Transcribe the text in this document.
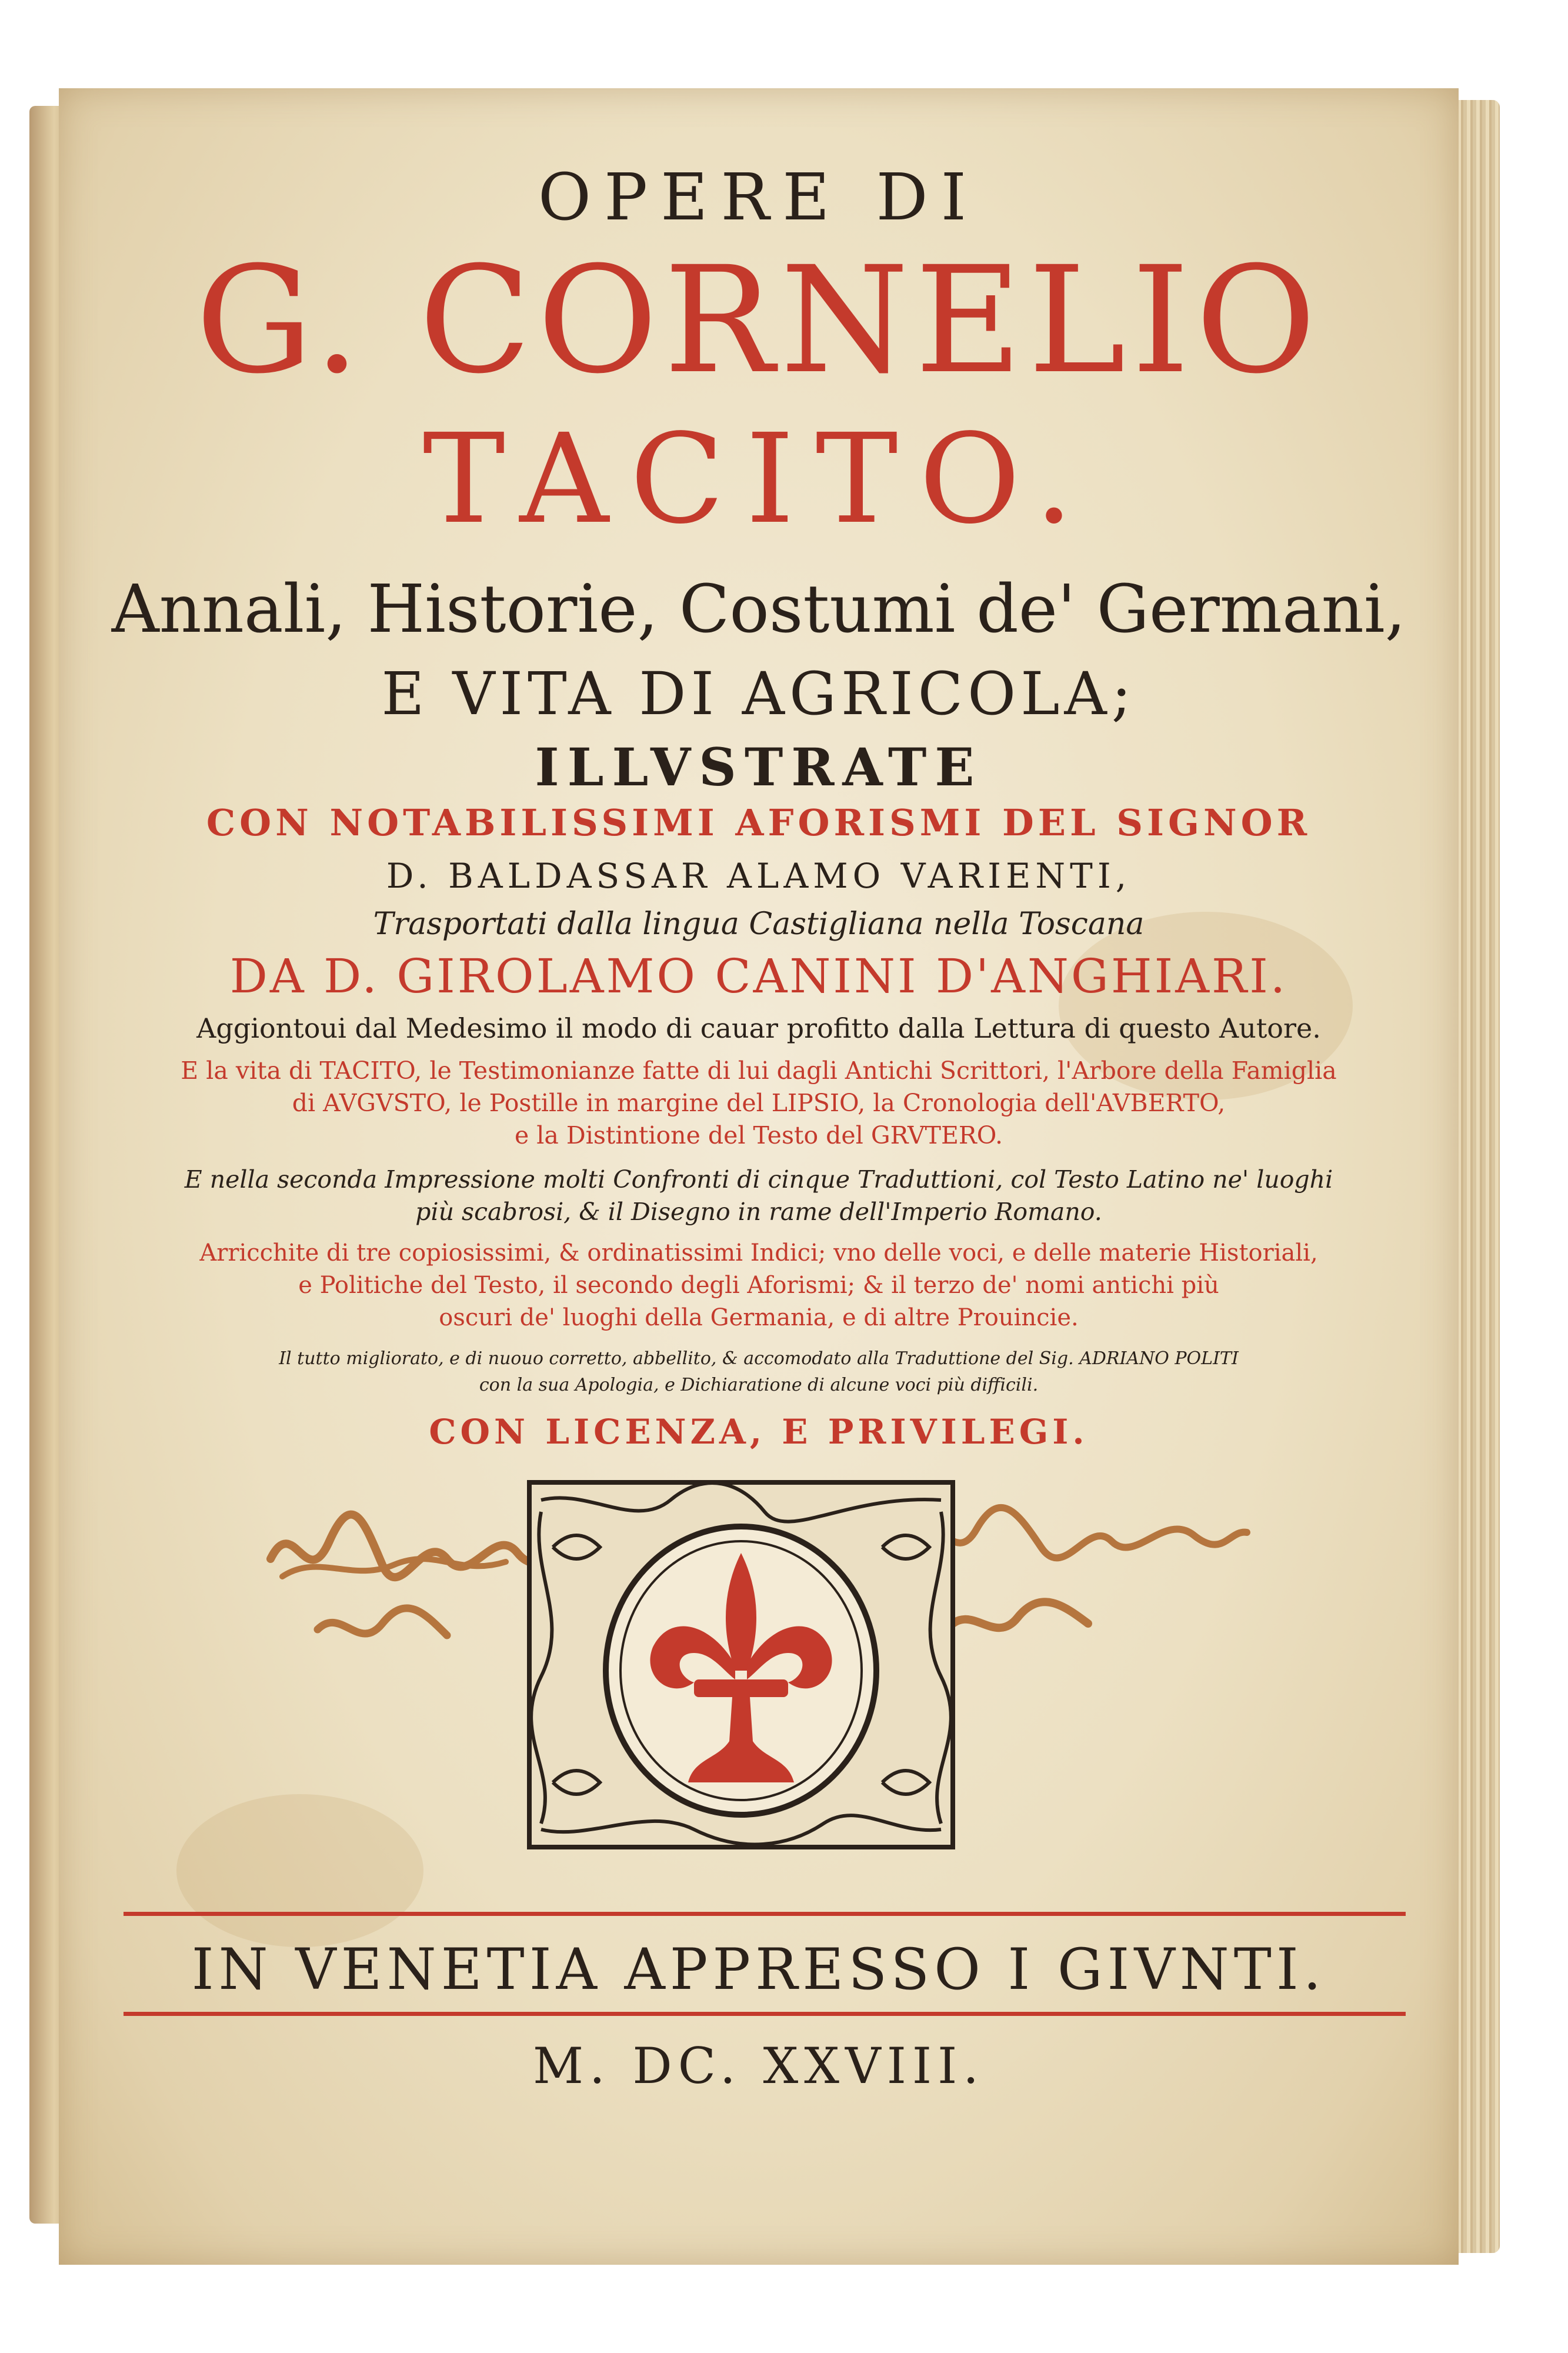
OPERE DI
G. CORNELIO
TACITO.
Annali, Historie, Costumi de' Germani,
E VITA DI AGRICOLA;
ILLVSTRATE
CON NOTABILISSIMI AFORISMI DEL SIGNOR
D. BALDASSAR ALAMO VARIENTI,
Trasportati dalla lingua Castigliana nella Toscana
DA D. GIROLAMO CANINI D'ANGHIARI.
Aggiontoui dal Medesimo il modo di cauar profitto dalla Lettura di questo Autore.
E la vita di TACITO, le Testimonianze fatte di lui dagli Antichi Scrittori, l'Arbore della Famiglia
di AVGVSTO, le Postille in margine del LIPSIO, la Cronologia dell'AVBERTO,
e la Distintione del Testo del GRVTERO.
E nella seconda Impressione molti Confronti di cinque Traduttioni, col Testo Latino ne' luoghi
più scabrosi, & il Disegno in rame dell'Imperio Romano.
Arricchite di tre copiosissimi, & ordinatissimi Indici; vno delle voci, e delle materie Historiali,
e Politiche del Testo, il secondo degli Aforismi; & il terzo de' nomi antichi più
oscuri de' luoghi della Germania, e di altre Prouincie.
Il tutto migliorato, e di nuouo corretto, abbellito, & accomodato alla Traduttione del Sig. ADRIANO POLITI
con la sua Apologia, e Dichiaratione di alcune voci più difficili.
CON LICENZA, E PRIVILEGI.
IN VENETIA APPRESSO I GIVNTI.
M. DC. XXVIII.
